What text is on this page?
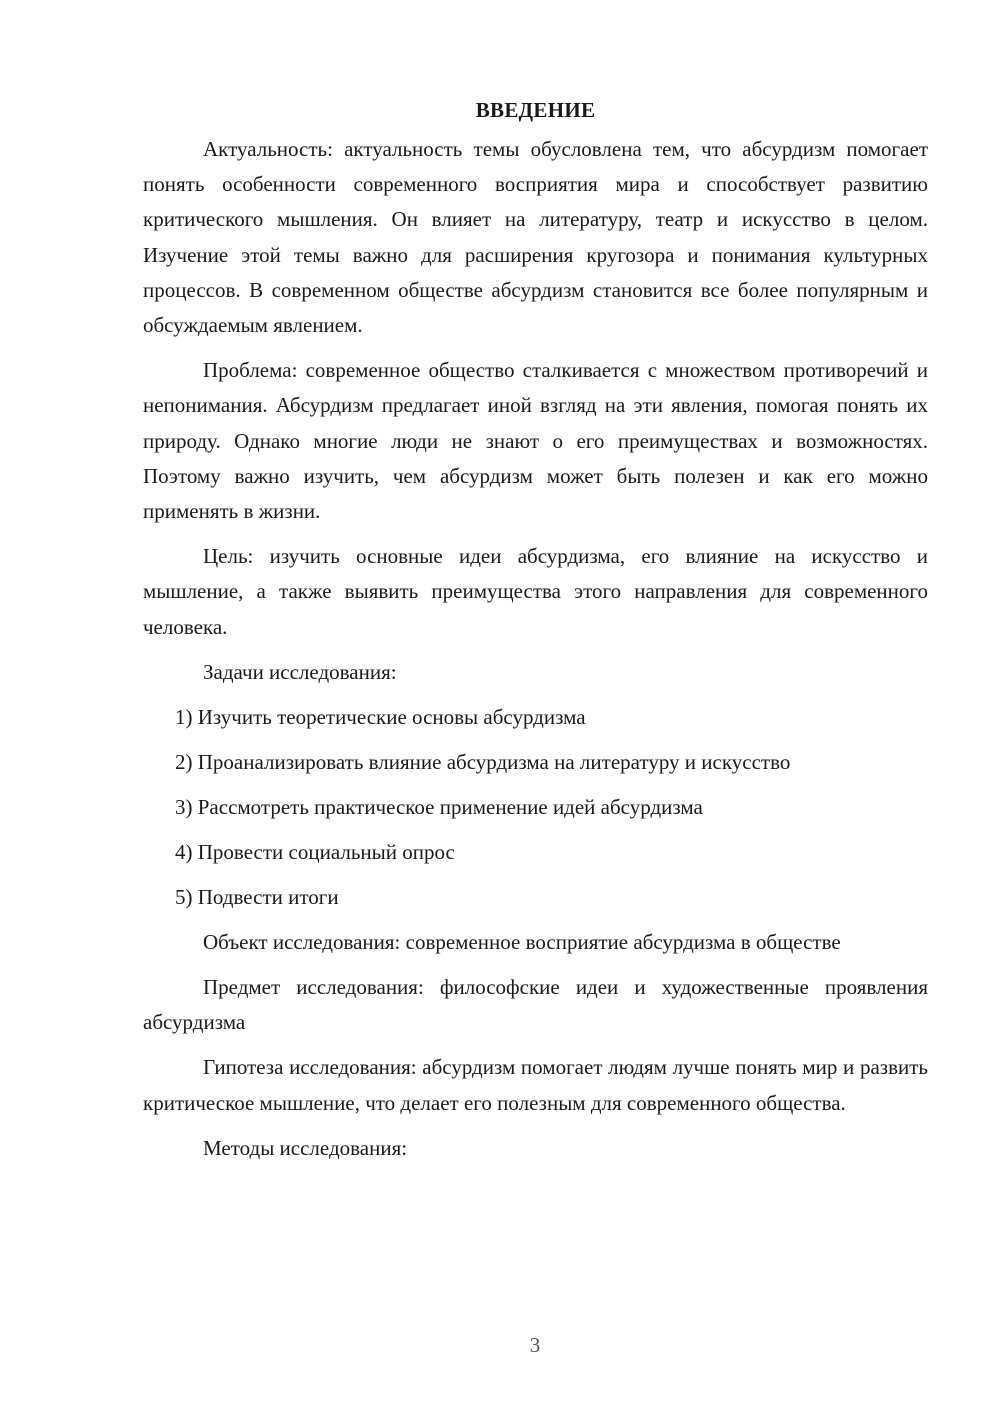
ВВЕДЕНИЕ

Актуальность: актуальность темы обусловлена тем, что абсурдизм помогает понять особенности современного восприятия мира и способствует развитию критического мышления. Он влияет на литературу, театр и искусство в целом. Изучение этой темы важно для расширения кругозора и понимания культурных процессов. В современном обществе абсурдизм становится все более популярным и обсуждаемым явлением.

Проблема: современное общество сталкивается с множеством противоречий и непонимания. Абсурдизм предлагает иной взгляд на эти явления, помогая понять их природу. Однако многие люди не знают о его преимуществах и возможностях. Поэтому важно изучить, чем абсурдизм может быть полезен и как его можно применять в жизни.

Цель: изучить основные идеи абсурдизма, его влияние на искусство и мышление, а также выявить преимущества этого направления для современного человека.

Задачи исследования:

1) Изучить теоретические основы абсурдизма
2) Проанализировать влияние абсурдизма на литературу и искусство
3) Рассмотреть практическое применение идей абсурдизма
4) Провести социальный опрос
5) Подвести итоги

Объект исследования: современное восприятие абсурдизма в обществе

Предмет исследования: философские идеи и художественные проявления абсурдизма

Гипотеза исследования: абсурдизм помогает людям лучше понять мир и развить критическое мышление, что делает его полезным для современного общества.

Методы исследования:

3
